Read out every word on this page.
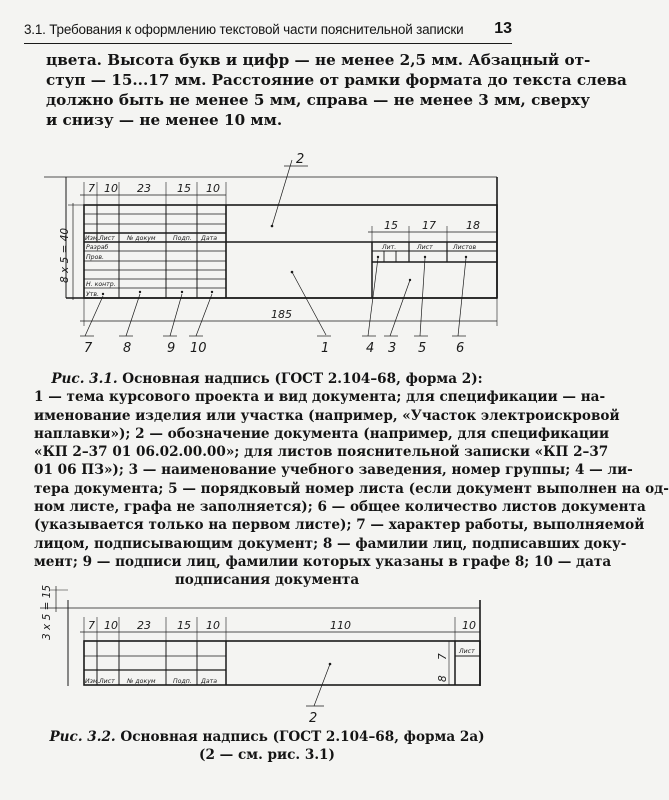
3.1. Требования к оформлению текстовой части пояснительной записки 13

цвета. Высота букв и цифр — не менее 2,5 мм. Абзацный от-
ступ — 15...17 мм. Расстояние от рамки формата до текста слева
должно быть не менее 5 мм, справа — не менее 3 мм, сверху
и снизу — не менее 10 мм.

7 10 23 15 10
15 17	18
185
8 x 5 = 40 Изм. Лист № докум	Подп. Дата
Разраб
Пров.
Н. контр.
Утв.
Лит.	Лист	Листов
2
1
7 8	9 10	4 3 5 6
Рис. 3.1. Основная надпись (ГОСТ 2.104–68, форма 2):
1 — тема курсового проекта и вид документа; для спецификации — на-
именование изделия или участка (например, «Участок электроискровой
наплавки»); 2 — обозначение документа (например, для спецификации
«КП 2–37 01 06.02.00.00»; для листов пояснительной записки «КП 2–37
01 06 ПЗ»); 3 — наименование учебного заведения, номер группы; 4 — ли-
тера документа; 5 — порядковый номер листа (если документ выполнен на од-
ном листе, графа не заполняется); 6 — общее количество листов документа
(указывается только на первом листе); 7 — характер работы, выполняемой
лицом, подписывающим документ; 8 — фамилии лиц, подписавших доку-
мент; 9 — подписи лиц, фамилии которых указаны в графе 8; 10 — дата
подписания документа
7 10 23 15 10	110	10
3 x 5 = 15
8
7
Изм. Лист № докум	Подп. Дата
Лист
2
Рис. 3.2. Основная надпись (ГОСТ 2.104–68, форма 2а)
(2 — см. рис. 3.1)
